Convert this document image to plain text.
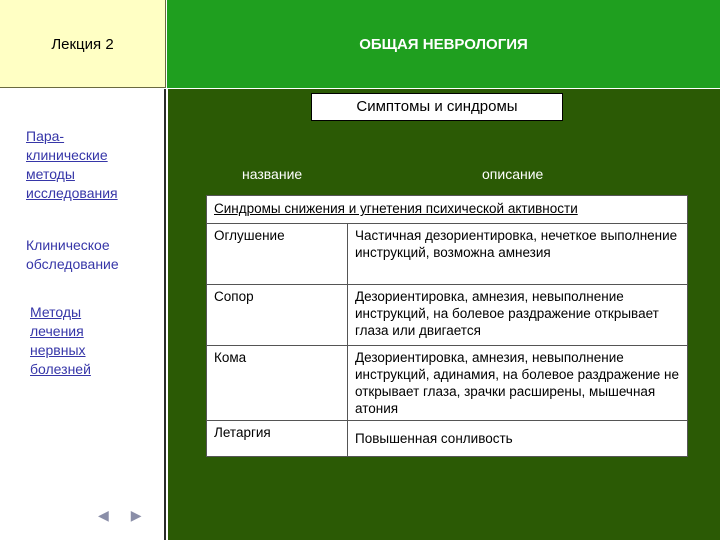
Лекция 2	ОБЩАЯ НЕВРОЛОГИЯ
Пара-
клинические
методы
исследования
Клиническое
обследование
Методы
лечения
нервных
болезней
◀▶
Симптомы и синдромы
название	описание
Синдромы снижения и угнетения психической активности	
Оглушение	Частичная дезориентировка, нечеткое выполнение инструкций, возможна амнезия
Сопор	Дезориентировка, амнезия, невыполнение инструкций, на болевое раздражение открывает глаза или двигается
Кома	Дезориентировка, амнезия, невыполнение инструкций, адинамия, на болевое раздражение не открывает глаза, зрачки расширены, мышечная атония
Летаргия	Повышенная сонливость
